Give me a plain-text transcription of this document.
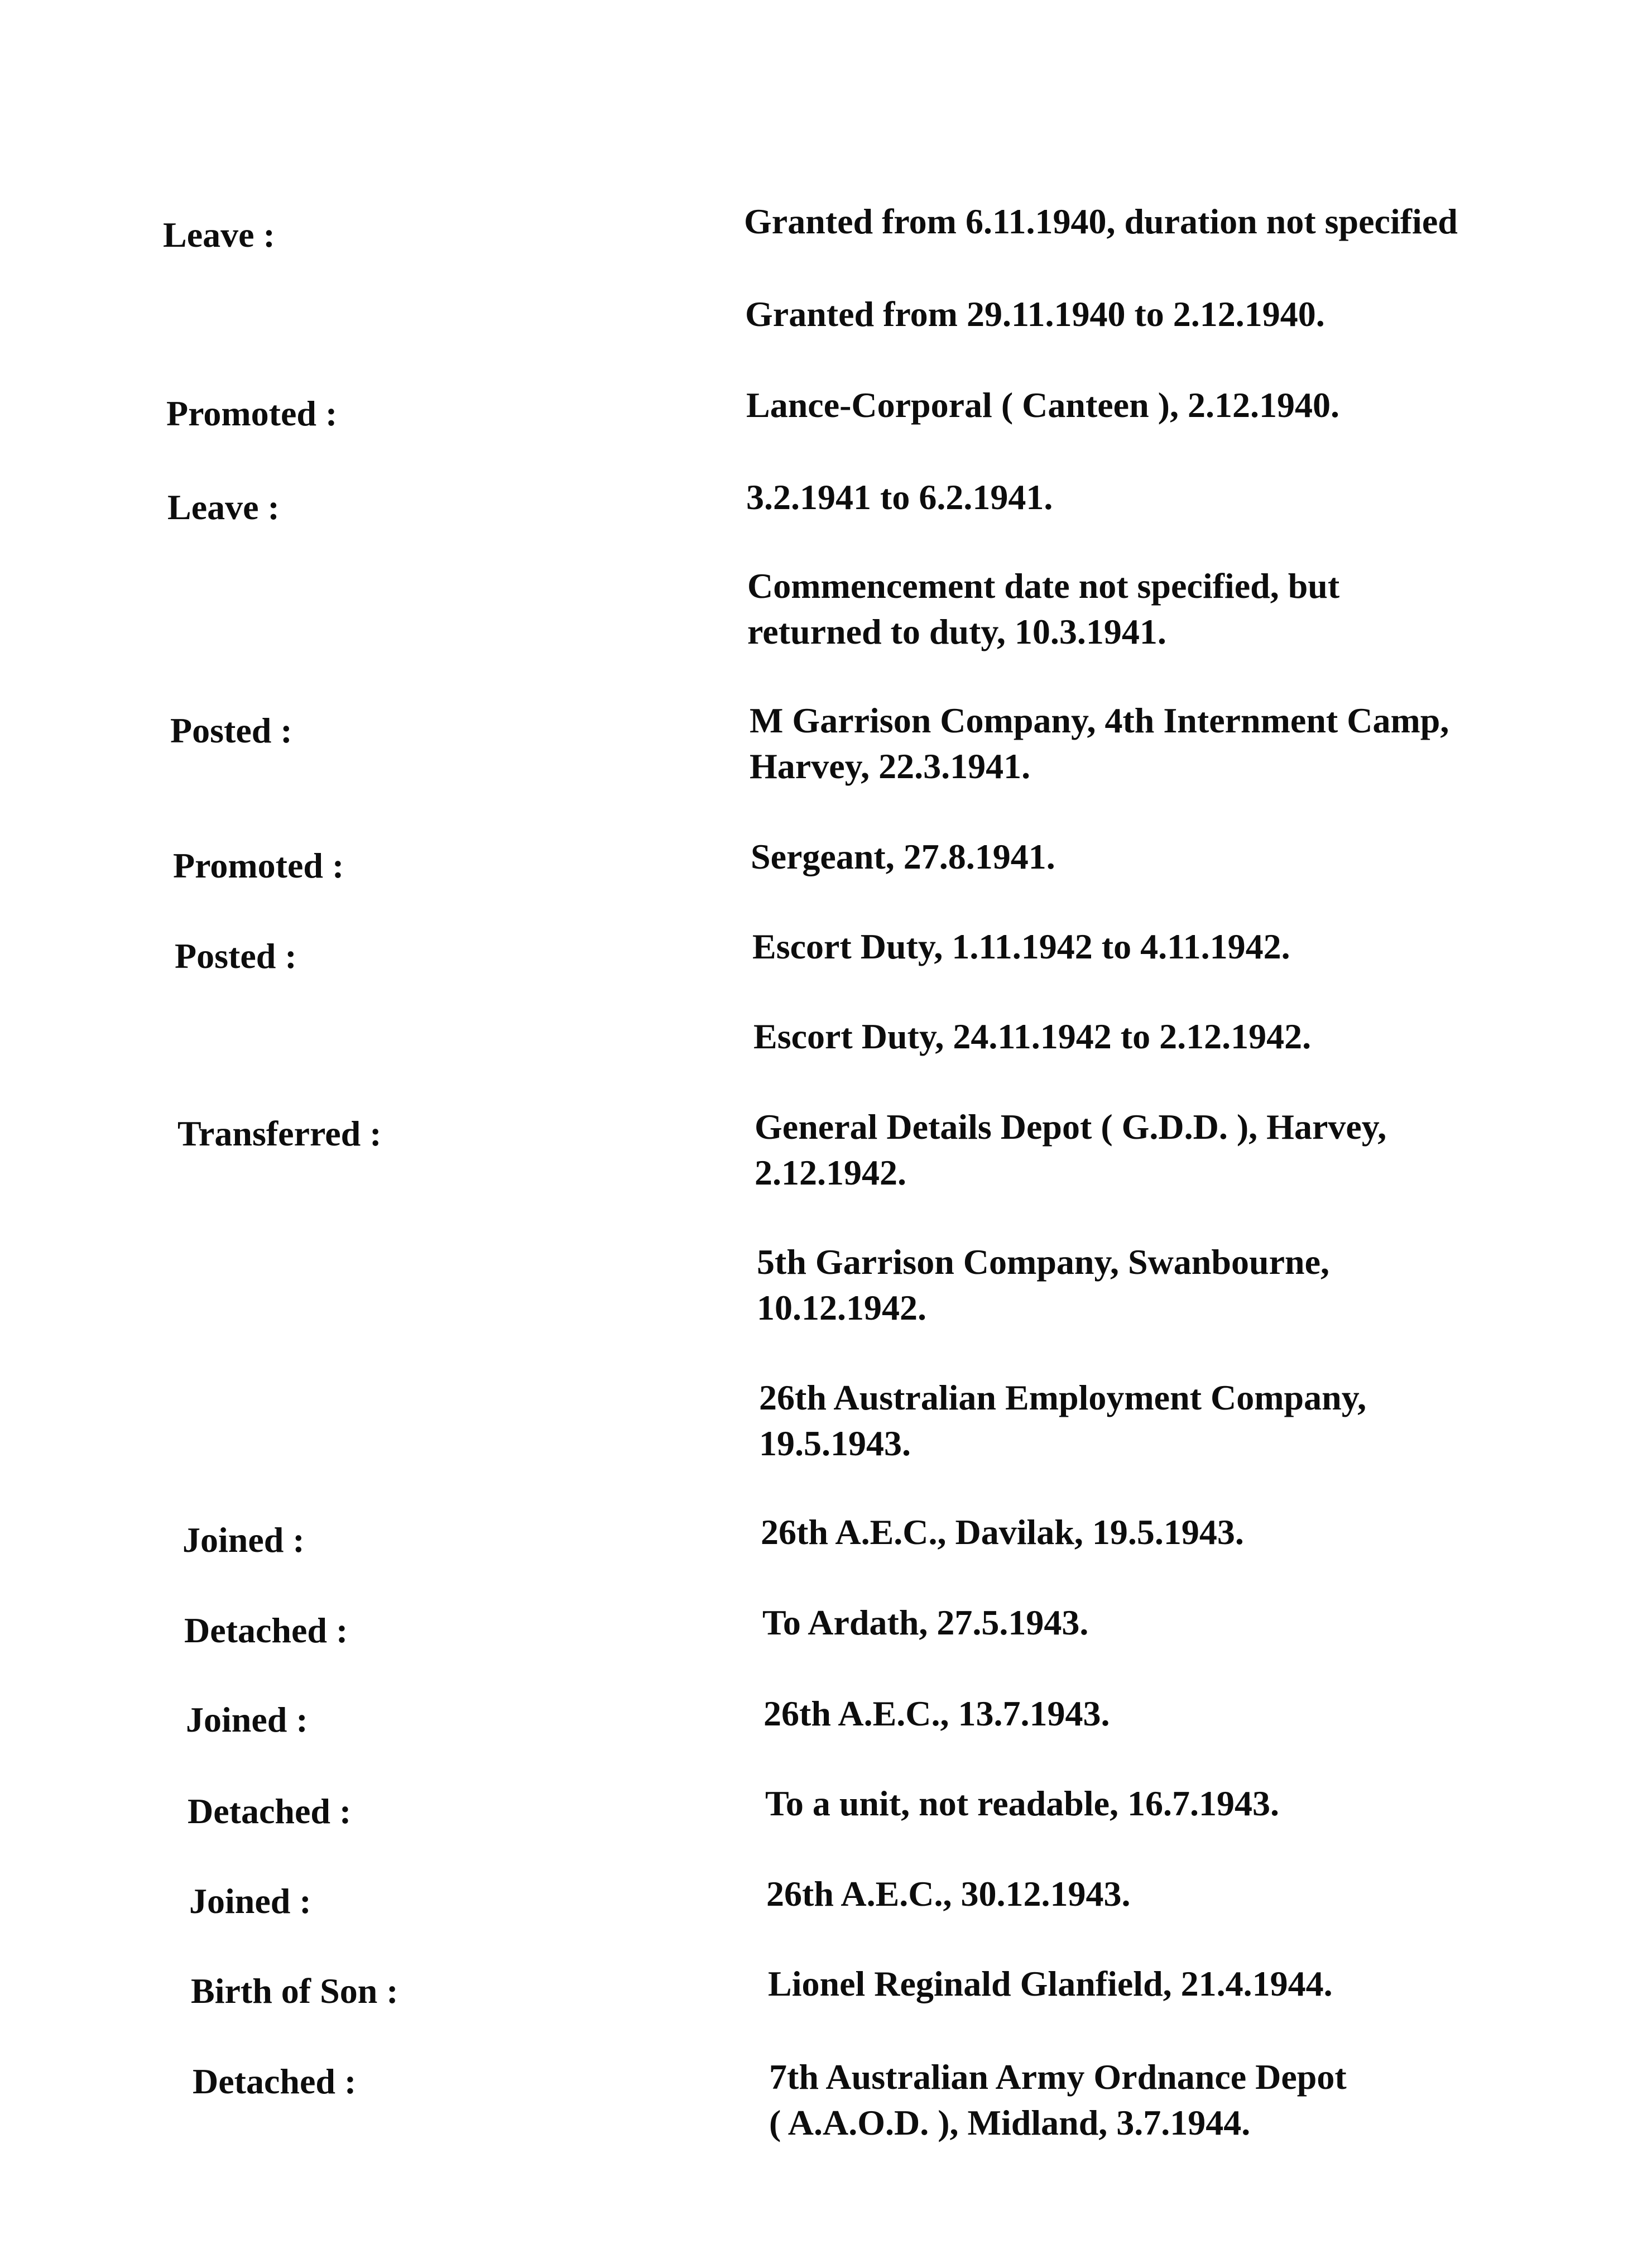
Leave :	Granted from 6.11.1940, duration not specified
Granted from 29.11.1940 to 2.12.1940.
Promoted :	Lance-Corporal ( Canteen ), 2.12.1940.
Leave :	3.2.1941 to 6.2.1941.
Commencement date not specified, but
returned to duty, 10.3.1941.
Posted :	M Garrison Company, 4th Internment Camp,
Harvey, 22.3.1941.
Promoted :	Sergeant, 27.8.1941.
Posted :	Escort Duty, 1.11.1942 to 4.11.1942.
Escort Duty, 24.11.1942 to 2.12.1942.
Transferred :	General Details Depot ( G.D.D. ), Harvey,
2.12.1942.
5th Garrison Company, Swanbourne,
10.12.1942.
26th Australian Employment Company,
19.5.1943.
Joined :	26th A.E.C., Davilak, 19.5.1943.
Detached :	To Ardath, 27.5.1943.
Joined :	26th A.E.C., 13.7.1943.
Detached :	To a unit, not readable, 16.7.1943.
Joined :	26th A.E.C., 30.12.1943.
Birth of Son :	Lionel Reginald Glanfield, 21.4.1944.
Detached :	7th Australian Army Ordnance Depot
( A.A.O.D. ), Midland, 3.7.1944.
